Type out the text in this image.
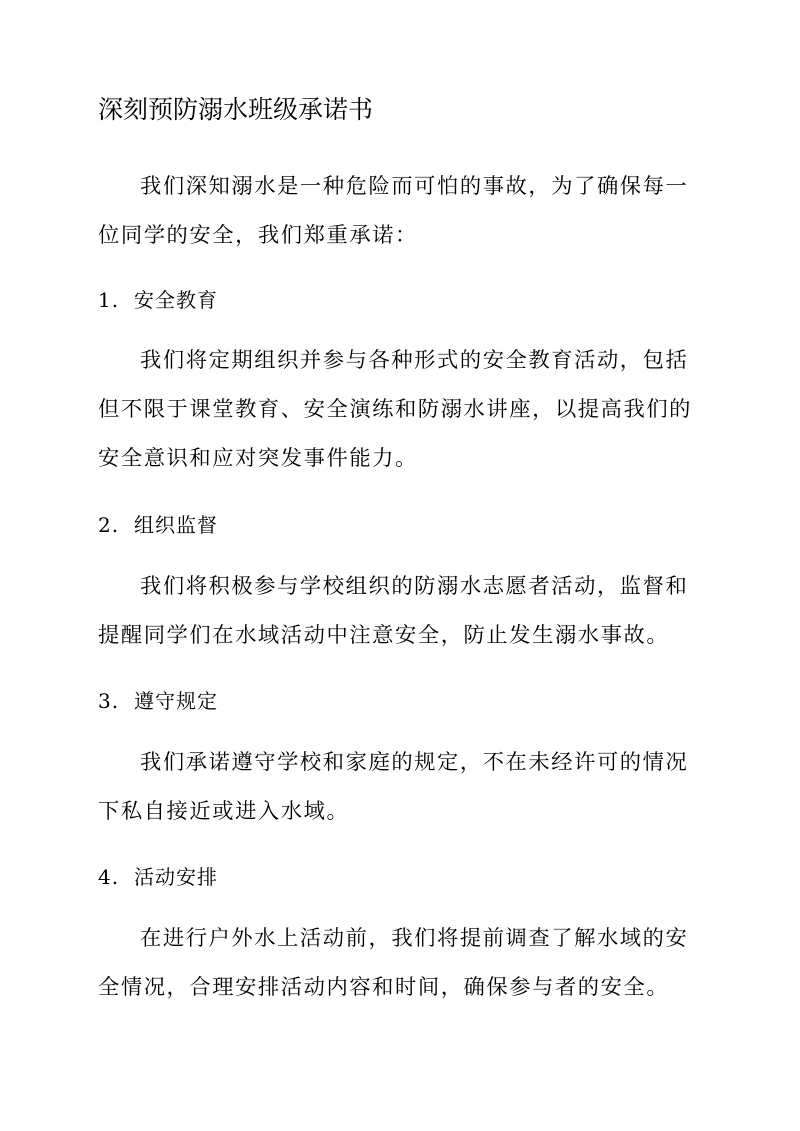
深刻预防溺水班级承诺书
我们深知溺水是一种危险而可怕的事故，为了确保每一位同学的安全，我们郑重承诺：
1. 安全教育
我们将定期组织并参与各种形式的安全教育活动，包括但不限于课堂教育、安全演练和防溺水讲座，以提高我们的安全意识和应对突发事件能力。
2. 组织监督
我们将积极参与学校组织的防溺水志愿者活动，监督和提醒同学们在水域活动中注意安全，防止发生溺水事故。
3. 遵守规定
我们承诺遵守学校和家庭的规定，不在未经许可的情况下私自接近或进入水域。
4. 活动安排
在进行户外水上活动前，我们将提前调查了解水域的安全情况，合理安排活动内容和时间，确保参与者的安全。
